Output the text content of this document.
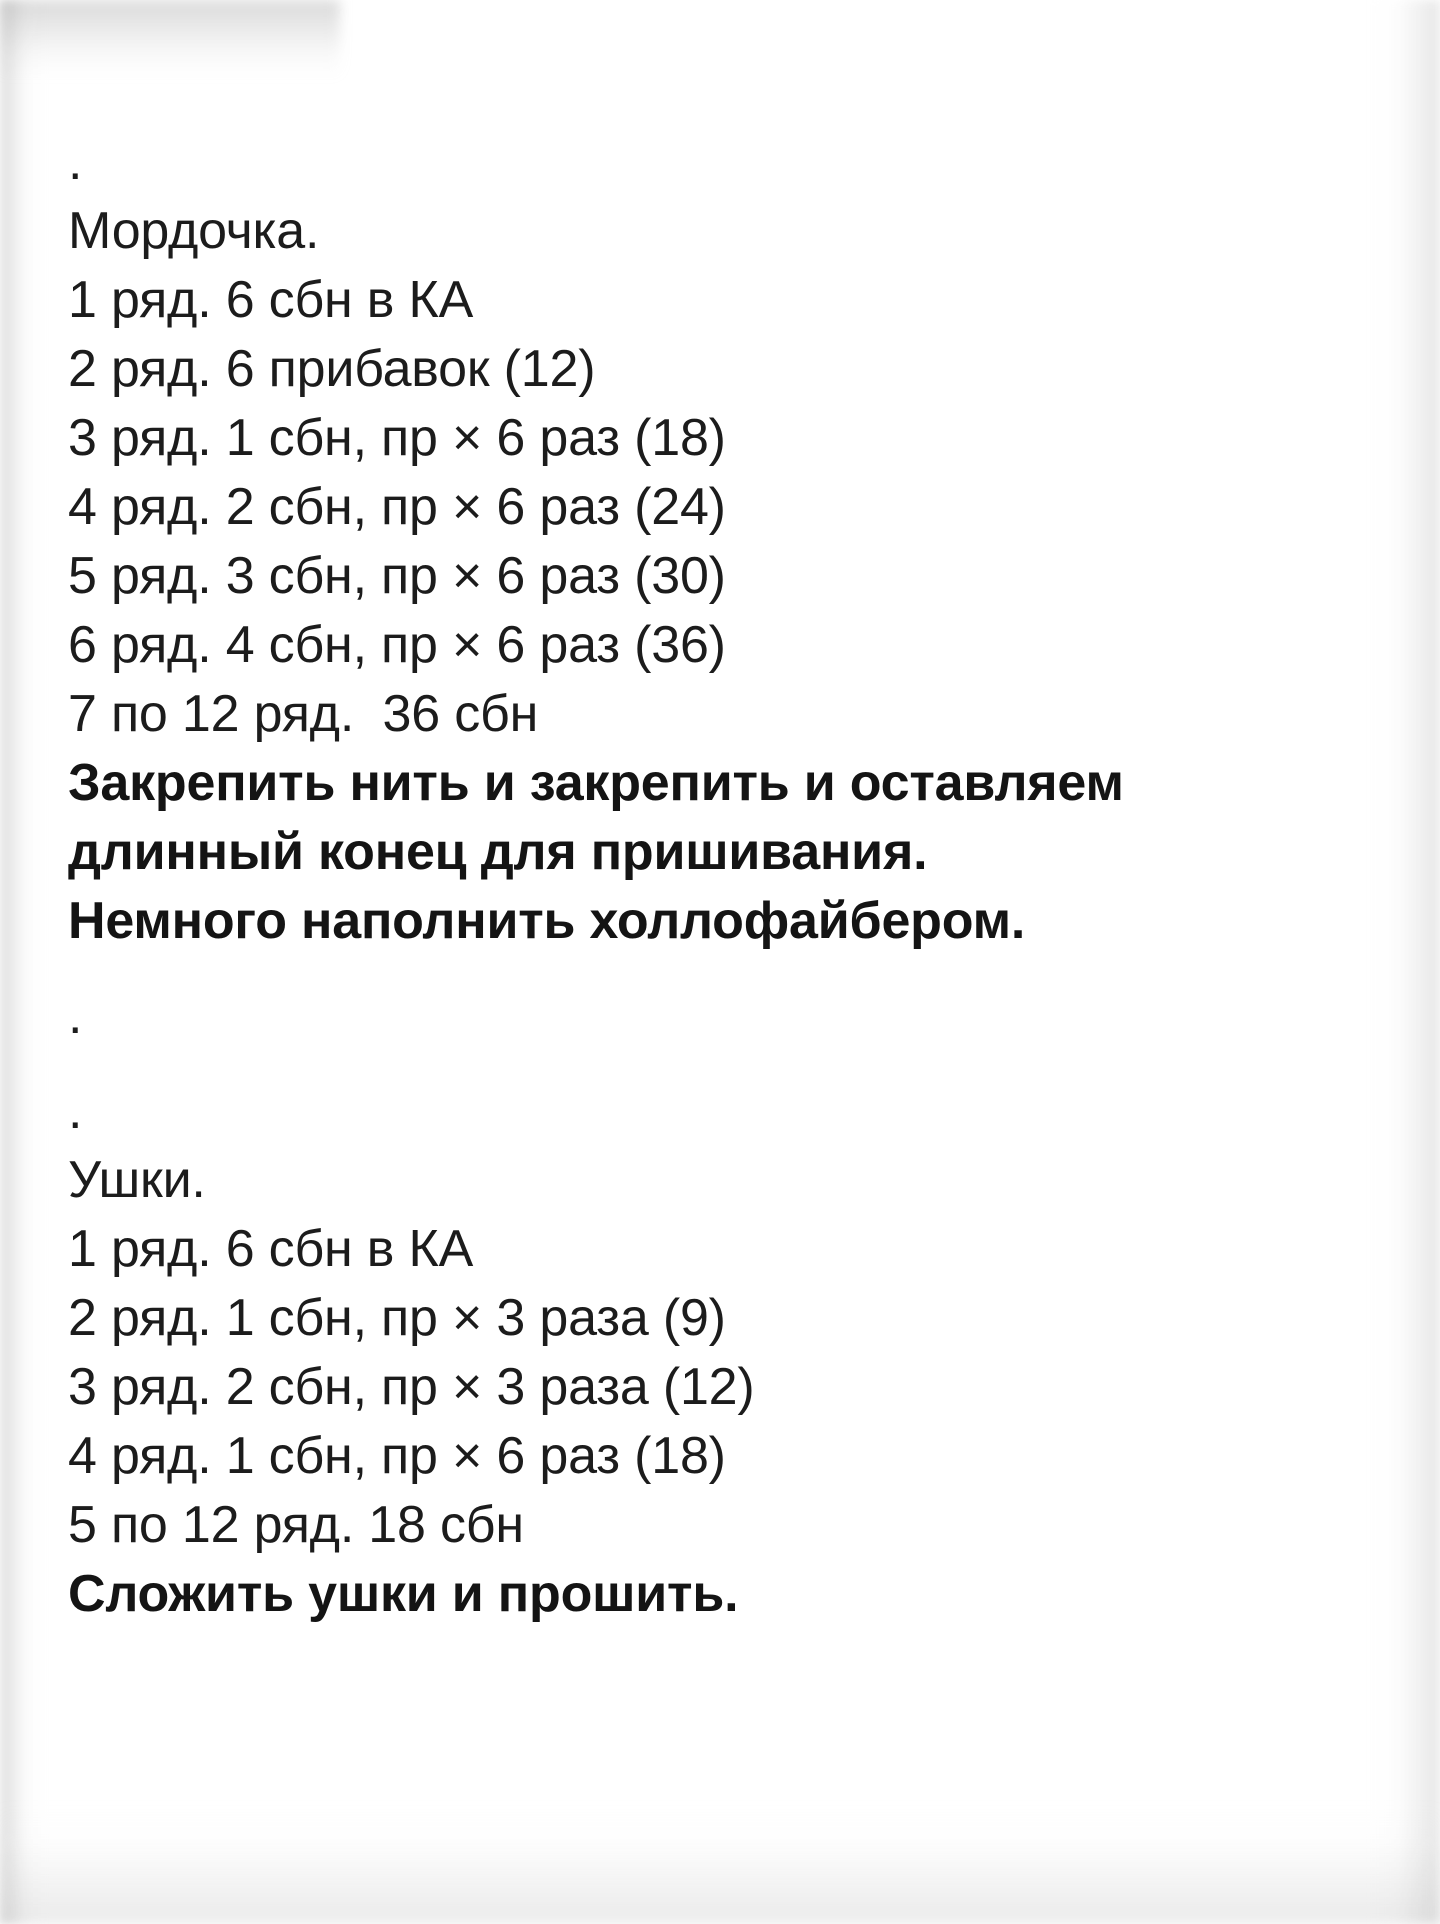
.
Мордочка.
1 ряд. 6 сбн в КА
2 ряд. 6 прибавок (12)
3 ряд. 1 сбн, пр × 6 раз (18)
4 ряд. 2 сбн, пр × 6 раз (24)
5 ряд. 3 сбн, пр × 6 раз (30)
6 ряд. 4 сбн, пр × 6 раз (36)
7 по 12 ряд.  36 сбн
Закрепить нить и закрепить и оставляем
длинный конец для пришивания.
Немного наполнить холлофайбером.
.
.
Ушки.
1 ряд. 6 сбн в КА
2 ряд. 1 сбн, пр × 3 раза (9)
3 ряд. 2 сбн, пр × 3 раза (12)
4 ряд. 1 сбн, пр × 6 раз (18)
5 по 12 ряд. 18 сбн
Сложить ушки и прошить.
